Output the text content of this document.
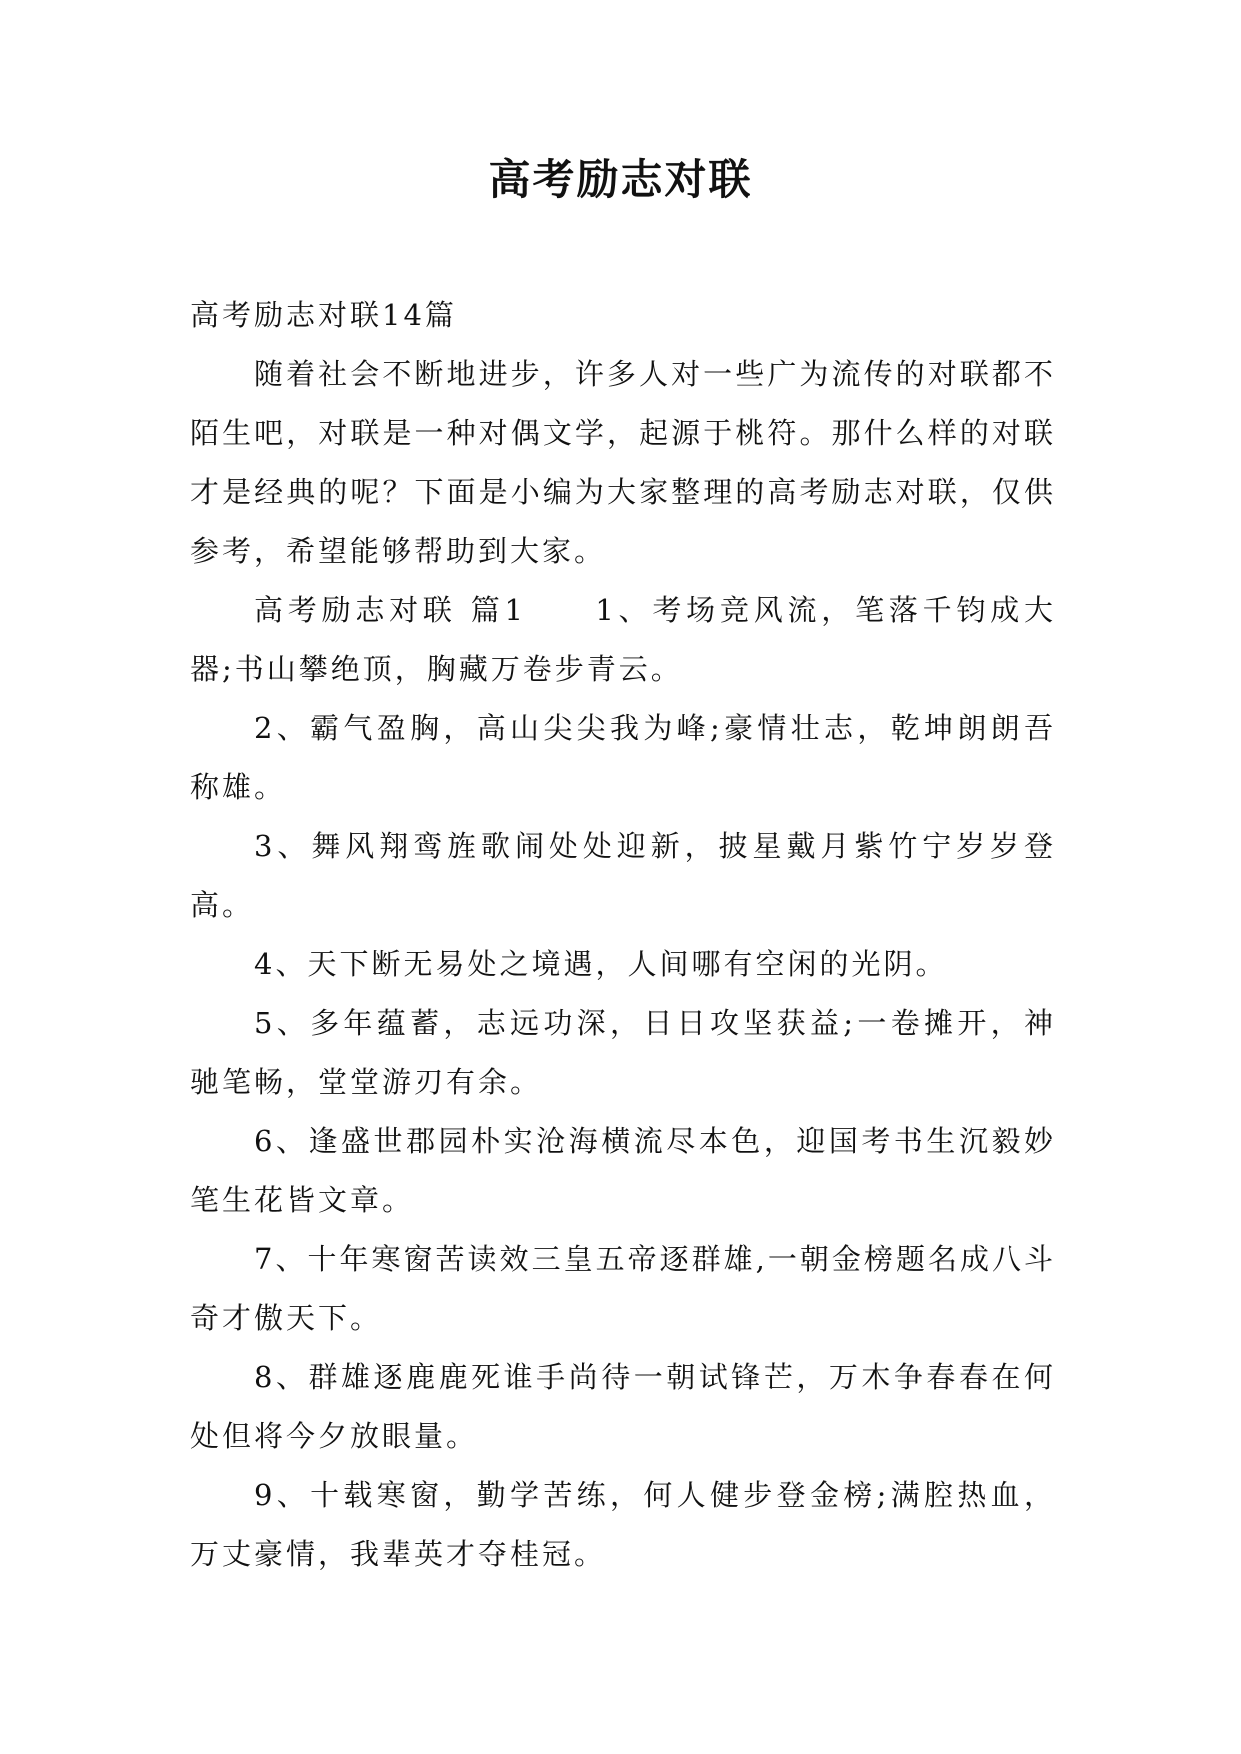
高考励志对联

高考励志对联14篇

随着社会不断地进步，许多人对一些广为流传的对联都不陌生吧，对联是一种对偶文学，起源于桃符。那什么样的对联才是经典的呢？下面是小编为大家整理的高考励志对联，仅供参考，希望能够帮助到大家。

高考励志对联 篇1　　1、考场竞风流，笔落千钧成大器;书山攀绝顶，胸藏万卷步青云。

2、霸气盈胸，高山尖尖我为峰;豪情壮志，乾坤朗朗吾称雄。

3、舞风翔鸾旌歌闹处处迎新，披星戴月紫竹宁岁岁登高。

4、天下断无易处之境遇，人间哪有空闲的光阴。

5、多年蕴蓄，志远功深，日日攻坚获益;一卷摊开，神驰笔畅，堂堂游刃有余。

6、逢盛世郡园朴实沧海横流尽本色，迎国考书生沉毅妙笔生花皆文章。

7、十年寒窗苦读效三皇五帝逐群雄,一朝金榜题名成八斗奇才傲天下。

8、群雄逐鹿鹿死谁手尚待一朝试锋芒，万木争春春在何处但将今夕放眼量。

9、十载寒窗，勤学苦练，何人健步登金榜;满腔热血，万丈豪情，我辈英才夺桂冠。
